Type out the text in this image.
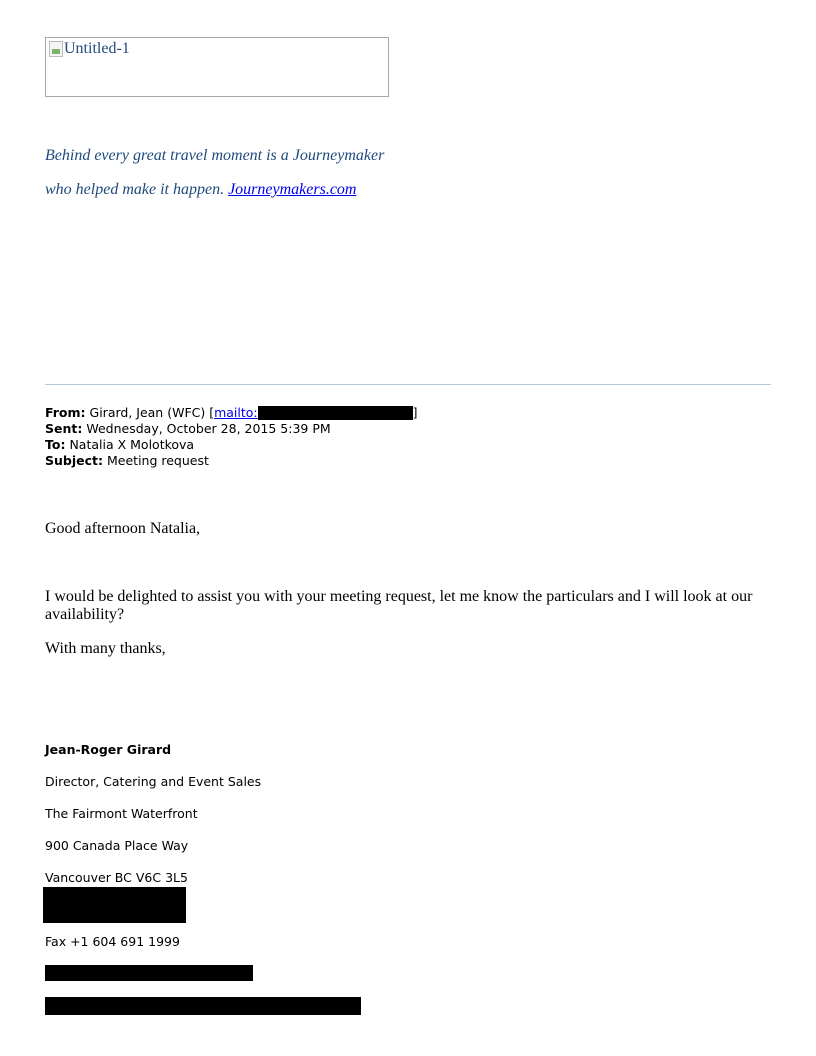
Untitled-1
Behind every great travel moment is a Journeymaker
who helped make it happen. Journeymakers.com
From: Girard, Jean (WFC) [ mailto:	]
Sent: Wednesday, October 28, 2015 5:39 PM
To: Natalia X Molotkova
Subject: Meeting request
Good afternoon Natalia,
I would be delighted to assist you with your meeting request, let me know the particulars and I will look at our availability?
With many thanks,
Jean-Roger Girard
Director, Catering and Event Sales
The Fairmont Waterfront
900 Canada Place Way
Vancouver BC V6C 3L5
Fax +1 604 691 1999
